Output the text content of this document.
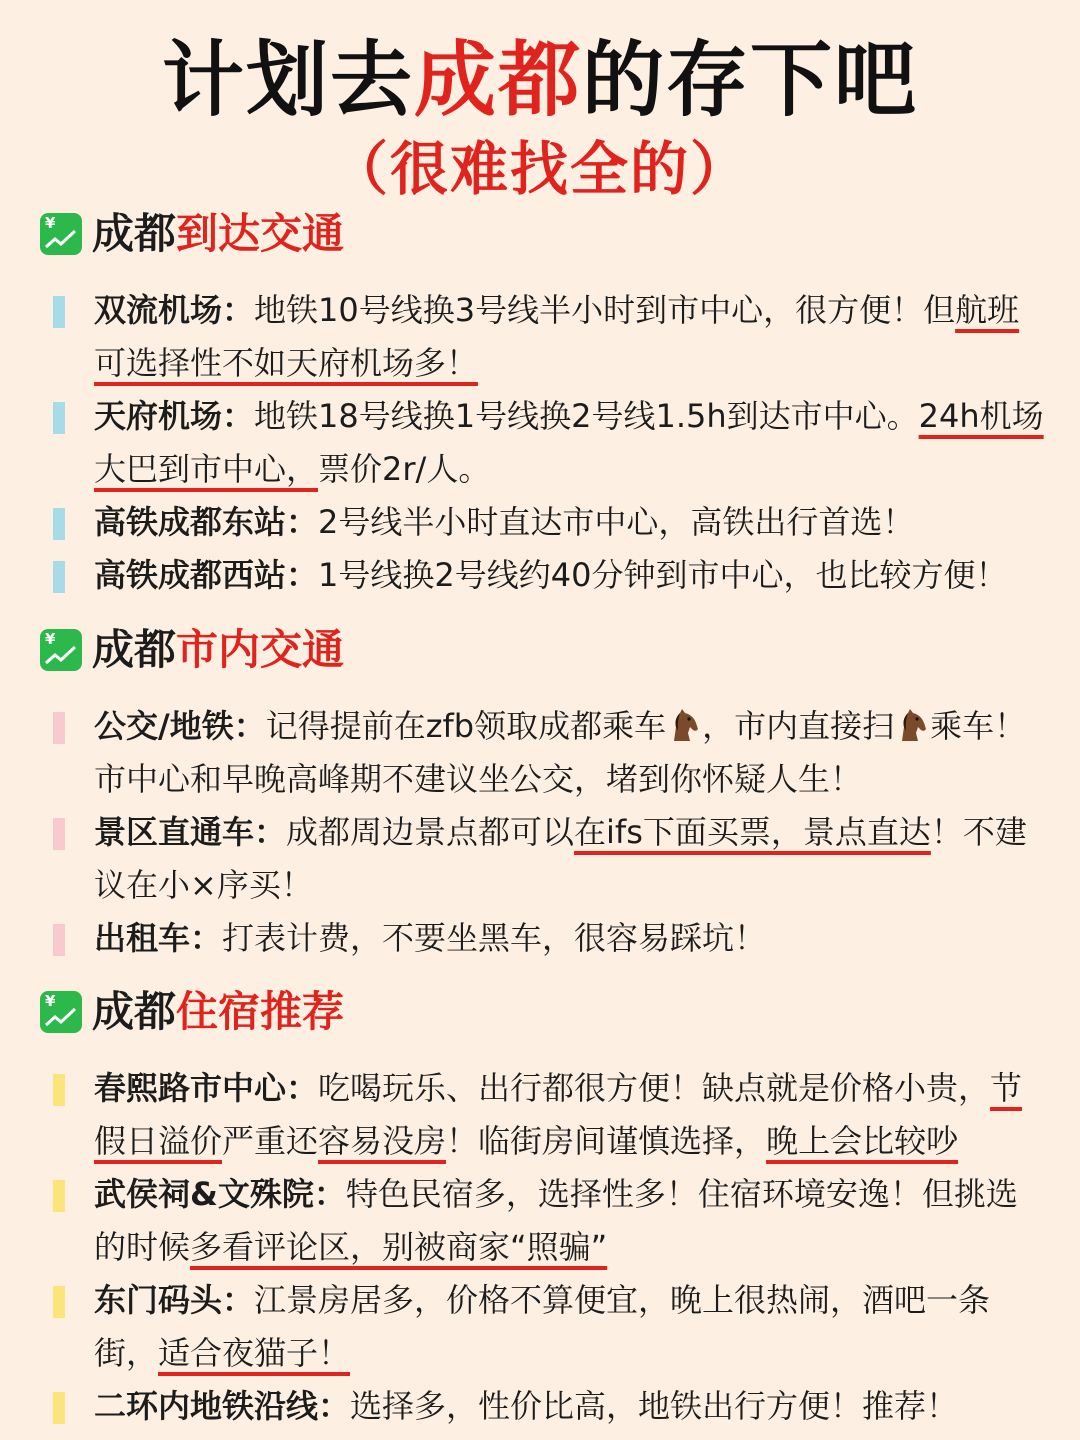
计划去成都的存下吧
（很难找全的）
¥ 成都到达交通
双流机场：地铁10号线换3号线半小时到市中心，很方便！但航班可选择性不如天府机场多！
天府机场：地铁18号线换1号线换2号线1.5h到达市中心。24h机场大巴到市中心，票价2r/人。
高铁成都东站：2号线半小时直达市中心，高铁出行首选！
高铁成都西站：1号线换2号线约40分钟到市中心，也比较方便！
¥ 成都市内交通
公交/地铁：记得提前在zfb领取成都乘车 ，市内直接扫 乘车！市中心和早晚高峰期不建议坐公交，堵到你怀疑人生！
景区直通车：成都周边景点都可以在ifs下面买票，景点直达！不建议在小×序买！
出租车：打表计费，不要坐黑车，很容易踩坑！
¥ 成都住宿推荐
春熙路市中心：吃喝玩乐、出行都很方便！缺点就是价格小贵，节假日溢价严重还容易没房！临街房间谨慎选择，晚上会比较吵
武侯祠&文殊院：特色民宿多，选择性多！住宿环境安逸！但挑选的时候多看评论区，别被商家“照骗”
东门码头：江景房居多，价格不算便宜，晚上很热闹，酒吧一条街，适合夜猫子！
二环内地铁沿线：选择多，性价比高，地铁出行方便！推荐！
